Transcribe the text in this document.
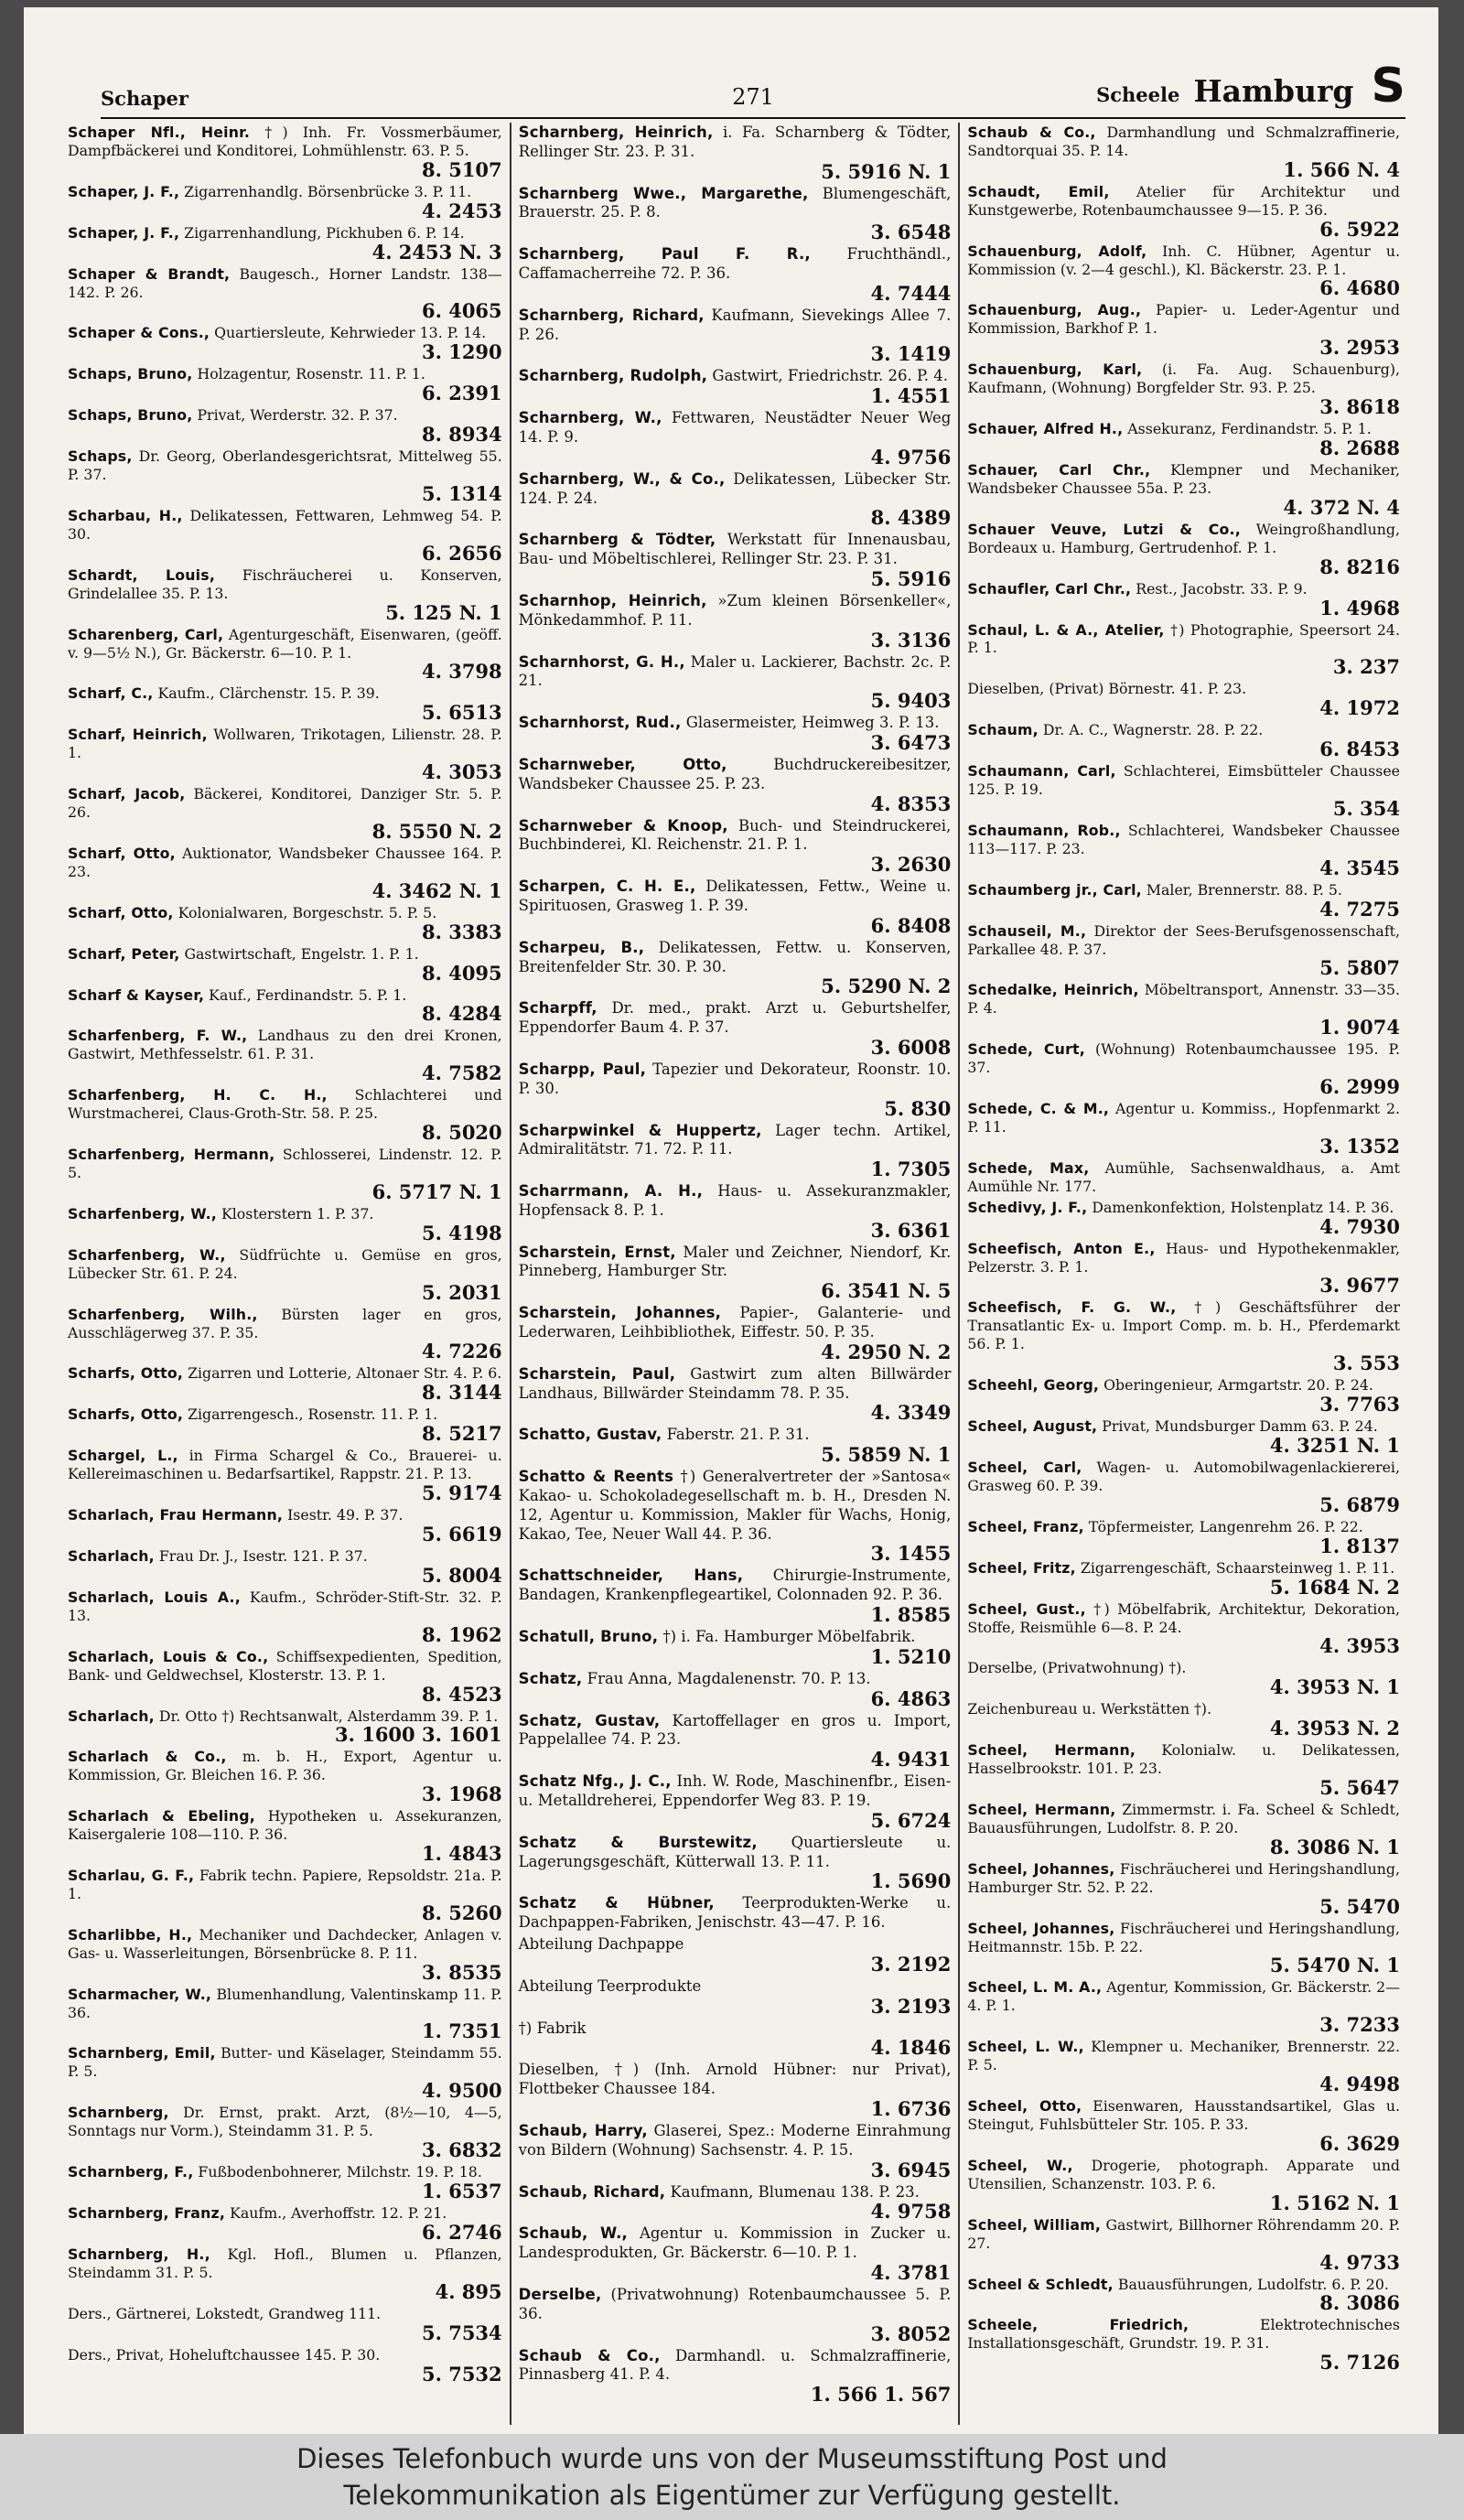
Schaper	271	Scheele Hamburg S
Schaper Nfl., Heinr. †) Inh. Fr. Vossmerbäumer, Dampfbäckerei und Konditorei, Lohmühlenstr. 63. P. 5.
8. 5107
Schaper, J. F., Zigarrenhandlg. Börsenbrücke 3. P. 11.
4. 2453
Schaper, J. F., Zigarrenhandlung, Pickhuben 6. P. 14.
4. 2453 N. 3
Schaper & Brandt, Baugesch., Horner Landstr. 138—142. P. 26.
6. 4065
Schaper & Cons., Quartiersleute, Kehrwieder 13. P. 14.
3. 1290
Schaps, Bruno, Holzagentur, Rosenstr. 11. P. 1.
6. 2391
Schaps, Bruno, Privat, Werderstr. 32. P. 37.
8. 8934
Schaps, Dr. Georg, Oberlandesgerichtsrat, Mittelweg 55. P. 37.
5. 1314
Scharbau, H., Delikatessen, Fettwaren, Lehmweg 54. P. 30.
6. 2656
Schardt, Louis, Fischräucherei u. Konserven, Grindelallee 35. P. 13.
5. 125 N. 1
Scharenberg, Carl, Agenturgeschäft, Eisenwaren, (geöff. v. 9—5½ N.), Gr. Bäckerstr. 6—10. P. 1.
4. 3798
Scharf, C., Kaufm., Clärchenstr. 15. P. 39.
5. 6513
Scharf, Heinrich, Wollwaren, Trikotagen, Lilienstr. 28. P. 1.
4. 3053
Scharf, Jacob, Bäckerei, Konditorei, Danziger Str. 5. P. 26.
8. 5550 N. 2
Scharf, Otto, Auktionator, Wandsbeker Chaussee 164. P. 23.
4. 3462 N. 1
Scharf, Otto, Kolonialwaren, Borgeschstr. 5. P. 5.
8. 3383
Scharf, Peter, Gastwirtschaft, Engelstr. 1. P. 1.
8. 4095
Scharf & Kayser, Kauf., Ferdinandstr. 5. P. 1.
8. 4284
Scharfenberg, F. W., Landhaus zu den drei Kronen, Gastwirt, Methfesselstr. 61. P. 31.
4. 7582
Scharfenberg, H. C. H., Schlachterei und Wurstmacherei, Claus-Groth-Str. 58. P. 25.
8. 5020
Scharfenberg, Hermann, Schlosserei, Lindenstr. 12. P. 5.
6. 5717 N. 1
Scharfenberg, W., Klosterstern 1. P. 37.
5. 4198
Scharfenberg, W., Südfrüchte u. Gemüse en gros, Lübecker Str. 61. P. 24.
5. 2031
Scharfenberg, Wilh., Bürsten lager en gros, Ausschlägerweg 37. P. 35.
4. 7226
Scharfs, Otto, Zigarren und Lotterie, Altonaer Str. 4. P. 6.
8. 3144
Scharfs, Otto, Zigarrengesch., Rosenstr. 11. P. 1.
8. 5217
Schargel, L., in Firma Schargel & Co., Brauerei- u. Kellereimaschinen u. Bedarfsartikel, Rappstr. 21. P. 13.
5. 9174
Scharlach, Frau Hermann, Isestr. 49. P. 37.
5. 6619
Scharlach, Frau Dr. J., Isestr. 121. P. 37.
5. 8004
Scharlach, Louis A., Kaufm., Schröder-Stift-Str. 32. P. 13.
8. 1962
Scharlach, Louis & Co., Schiffsexpedienten, Spedition, Bank- und Geldwechsel, Klosterstr. 13. P. 1.
8. 4523
Scharlach, Dr. Otto †) Rechtsanwalt, Alsterdamm 39. P. 1.
3. 1600 3. 1601
Scharlach & Co., m. b. H., Export, Agentur u. Kommission, Gr. Bleichen 16. P. 36.
3. 1968
Scharlach & Ebeling, Hypotheken u. Assekuranzen, Kaisergalerie 108—110. P. 36.
1. 4843
Scharlau, G. F., Fabrik techn. Papiere, Repsoldstr. 21a. P. 1.
8. 5260
Scharlibbe, H., Mechaniker und Dachdecker, Anlagen v. Gas- u. Wasserleitungen, Börsenbrücke 8. P. 11.
3. 8535
Scharmacher, W., Blumenhandlung, Valentinskamp 11. P. 36.
1. 7351
Scharnberg, Emil, Butter- und Käselager, Steindamm 55. P. 5.
4. 9500
Scharnberg, Dr. Ernst, prakt. Arzt, (8½—10, 4—5, Sonntags nur Vorm.), Steindamm 31. P. 5.
3. 6832
Scharnberg, F., Fußbodenbohnerer, Milchstr. 19. P. 18.
1. 6537
Scharnberg, Franz, Kaufm., Averhoffstr. 12. P. 21.
6. 2746
Scharnberg, H., Kgl. Hofl., Blumen u. Pflanzen, Steindamm 31. P. 5.
4. 895
Ders., Gärtnerei, Lokstedt, Grandweg 111.
5. 7534
Ders., Privat, Hoheluftchaussee 145. P. 30.
5. 7532
Scharnberg, Heinrich, i. Fa. Scharnberg & Tödter, Rellinger Str. 23. P. 31.
5. 5916 N. 1
Scharnberg Wwe., Margarethe, Blumengeschäft, Brauerstr. 25. P. 8.
3. 6548
Scharnberg, Paul F. R., Fruchthändl., Caffamacherreihe 72. P. 36.
4. 7444
Scharnberg, Richard, Kaufmann, Sievekings Allee 7. P. 26.
3. 1419
Scharnberg, Rudolph, Gastwirt, Friedrichstr. 26. P. 4.
1. 4551
Scharnberg, W., Fettwaren, Neustädter Neuer Weg 14. P. 9.
4. 9756
Scharnberg, W., & Co., Delikatessen, Lübecker Str. 124. P. 24.
8. 4389
Scharnberg & Tödter, Werkstatt für Innenausbau, Bau- und Möbeltischlerei, Rellinger Str. 23. P. 31.
5. 5916
Scharnhop, Heinrich, »Zum kleinen Börsenkeller«, Mönkedammhof. P. 11.
3. 3136
Scharnhorst, G. H., Maler u. Lackierer, Bachstr. 2c. P. 21.
5. 9403
Scharnhorst, Rud., Glasermeister, Heimweg 3. P. 13.
3. 6473
Scharnweber, Otto,	Buchdruckereibesitzer, Wandsbeker Chaussee 25. P. 23.
4. 8353
Scharnweber & Knoop, Buch- und Steindruckerei, Buchbinderei, Kl. Reichenstr. 21. P. 1.
3. 2630
Scharpen, C. H. E., Delikatessen, Fettw., Weine u. Spirituosen, Grasweg 1. P. 39.
6. 8408
Scharpeu, B., Delikatessen, Fettw. u. Konserven, Breitenfelder Str. 30. P. 30.
5. 5290 N. 2
Scharpff, Dr. med., prakt. Arzt u. Geburtshelfer, Eppendorfer Baum 4. P. 37.
3. 6008
Scharpp, Paul, Tapezier und Dekorateur, Roonstr. 10. P. 30.
5. 830
Scharpwinkel & Huppertz, Lager techn. Artikel, Admiralitätstr. 71. 72. P. 11.
1. 7305
Scharrmann, A. H., Haus- u. Assekuranzmakler, Hopfensack 8. P. 1.
3. 6361
Scharstein, Ernst, Maler und Zeichner, Niendorf, Kr. Pinneberg, Hamburger Str.
6. 3541 N. 5
Scharstein, Johannes, Papier-, Galanterie- und Lederwaren, Leihbibliothek, Eiffestr. 50. P. 35.
4. 2950 N. 2
Scharstein, Paul, Gastwirt zum alten Billwärder Landhaus, Billwärder Steindamm 78. P. 35.
4. 3349
Schatto, Gustav, Faberstr. 21. P. 31.
5. 5859 N. 1
Schatto & Reents †) Generalvertreter der »Santosa« Kakao- u. Schokoladegesellschaft m. b. H., Dresden N. 12, Agentur u. Kommission, Makler für Wachs, Honig, Kakao, Tee, Neuer Wall 44. P. 36.
3. 1455
Schattschneider, Hans, Chirurgie-Instrumente, Bandagen, Krankenpflegeartikel, Colonnaden 92. P. 36.
1. 8585
Schatull, Bruno, †) i. Fa. Hamburger Möbelfabrik.
1. 5210
Schatz, Frau Anna, Magdalenenstr. 70. P. 13.
6. 4863
Schatz, Gustav, Kartoffellager en gros u. Import, Pappelallee 74. P. 23.
4. 9431
Schatz Nfg., J. C., Inh. W. Rode, Maschinenfbr., Eisen- u. Metalldreherei, Eppendorfer Weg 83. P. 19.
5. 6724
Schatz & Burstewitz, Quartiersleute u. Lagerungsgeschäft, Kütterwall 13. P. 11.
1. 5690
Schatz & Hübner, Teerprodukten-Werke u. Dachpappen-Fabriken, Jenischstr. 43—47. P. 16.
Abteilung Dachpappe
3. 2192
Abteilung Teerprodukte
3. 2193
†) Fabrik
4. 1846
Dieselben, †) (Inh. Arnold Hübner: nur Privat), Flottbeker Chaussee 184.
1. 6736
Schaub, Harry, Glaserei, Spez.: Moderne Einrahmung von Bildern (Wohnung) Sachsenstr. 4. P. 15.
3. 6945
Schaub, Richard, Kaufmann, Blumenau 138. P. 23.
4. 9758
Schaub, W., Agentur u. Kommission in Zucker u. Landesprodukten, Gr. Bäckerstr. 6—10. P. 1.
4. 3781
Derselbe, (Privatwohnung) Rotenbaumchaussee 5. P. 36.
3. 8052
Schaub & Co., Darmhandl. u. Schmalzraffinerie, Pinnasberg 41. P. 4.
1. 566 1. 567
Schaub & Co., Darmhandlung und Schmalzraffinerie, Sandtorquai 35. P. 14.
1. 566 N. 4
Schaudt, Emil, Atelier für Architektur und Kunstgewerbe, Rotenbaumchaussee 9—15. P. 36.
6. 5922
Schauenburg, Adolf, Inh. C. Hübner, Agentur u. Kommission (v. 2—4 geschl.), Kl. Bäckerstr. 23. P. 1.
6. 4680
Schauenburg, Aug., Papier- u. Leder-Agentur und Kommission, Barkhof P. 1.
3. 2953
Schauenburg, Karl, (i. Fa. Aug. Schauenburg), Kaufmann, (Wohnung) Borgfelder Str. 93. P. 25.
3. 8618
Schauer, Alfred H., Assekuranz, Ferdinandstr. 5. P. 1.
8. 2688
Schauer, Carl Chr., Klempner und Mechaniker, Wandsbeker Chaussee 55a. P. 23.
4. 372 N. 4
Schauer Veuve, Lutzi & Co., Weingroßhandlung, Bordeaux u. Hamburg, Gertrudenhof. P. 1.
8. 8216
Schaufler, Carl Chr., Rest., Jacobstr. 33. P. 9.
1. 4968
Schaul, L. & A., Atelier, †) Photographie, Speersort 24. P. 1.
3. 237
Dieselben, (Privat) Börnestr. 41. P. 23.
4. 1972
Schaum, Dr. A. C., Wagnerstr. 28. P. 22.
6. 8453
Schaumann, Carl, Schlachterei, Eimsbütteler Chaussee 125. P. 19.
5. 354
Schaumann, Rob., Schlachterei, Wandsbeker Chaussee 113—117. P. 23.
4. 3545
Schaumberg jr., Carl, Maler, Brennerstr. 88. P. 5.
4. 7275
Schauseil, M., Direktor der Sees-Berufsgenossenschaft, Parkallee 48. P. 37.
5. 5807
Schedalke, Heinrich, Möbeltransport, Annenstr. 33—35. P. 4.
1. 9074
Schede, Curt, (Wohnung) Rotenbaumchaussee 195. P. 37.
6. 2999
Schede, C. & M., Agentur u. Kommiss., Hopfenmarkt 2. P. 11.
3. 1352
Schede, Max, Aumühle, Sachsenwaldhaus, a. Amt Aumühle Nr. 177.
Schedivy, J. F., Damenkonfektion, Holstenplatz 14. P. 36.
4. 7930
Scheefisch, Anton E., Haus- und Hypothekenmakler, Pelzerstr. 3. P. 1.
3. 9677
Scheefisch, F. G. W., †) Geschäftsführer der Transatlantic Ex- u. Import Comp. m. b. H., Pferdemarkt 56. P. 1.
3. 553
Scheehl, Georg, Oberingenieur, Armgartstr. 20. P. 24.
3. 7763
Scheel, August, Privat, Mundsburger Damm 63. P. 24.
4. 3251 N. 1
Scheel, Carl, Wagen- u. Automobilwagenlackiererei, Grasweg 60. P. 39.
5. 6879
Scheel, Franz, Töpfermeister, Langenrehm 26. P. 22.
1. 8137
Scheel, Fritz, Zigarrengeschäft, Schaarsteinweg 1. P. 11.
5. 1684 N. 2
Scheel, Gust., †) Möbelfabrik, Architektur, Dekoration, Stoffe, Reismühle 6—8. P. 24.
4. 3953
Derselbe, (Privatwohnung) †).
4. 3953 N. 1
Zeichenbureau u. Werkstätten †).
4. 3953 N. 2
Scheel, Hermann, Kolonialw. u. Delikatessen, Hasselbrookstr. 101. P. 23.
5. 5647
Scheel, Hermann, Zimmermstr. i. Fa. Scheel & Schledt, Bauausführungen, Ludolfstr. 8. P. 20.
8. 3086 N. 1
Scheel, Johannes, Fischräucherei und Heringshandlung, Hamburger Str. 52. P. 22.
5. 5470
Scheel, Johannes, Fischräucherei und Heringshandlung, Heitmannstr. 15b. P. 22.
5. 5470 N. 1
Scheel, L. M. A., Agentur, Kommission, Gr. Bäckerstr. 2—4. P. 1.
3. 7233
Scheel, L. W., Klempner u. Mechaniker, Brennerstr. 22. P. 5.
4. 9498
Scheel, Otto, Eisenwaren, Hausstandsartikel, Glas u. Steingut, Fuhlsbütteler Str. 105. P. 33.
6. 3629
Scheel, W., Drogerie, photograph. Apparate und Utensilien, Schanzenstr. 103. P. 6.
1. 5162 N. 1
Scheel, William, Gastwirt, Billhorner Röhrendamm 20. P. 27.
4. 9733
Scheel & Schledt, Bauausführungen, Ludolfstr. 6. P. 20.
8. 3086
Scheele, Friedrich,	Elektrotechnisches Installationsgeschäft, Grundstr. 19. P. 31.
5. 7126
Dieses Telefonbuch wurde uns von der Museumsstiftung Post und
Telekommunikation als Eigentümer zur Verfügung gestellt.
